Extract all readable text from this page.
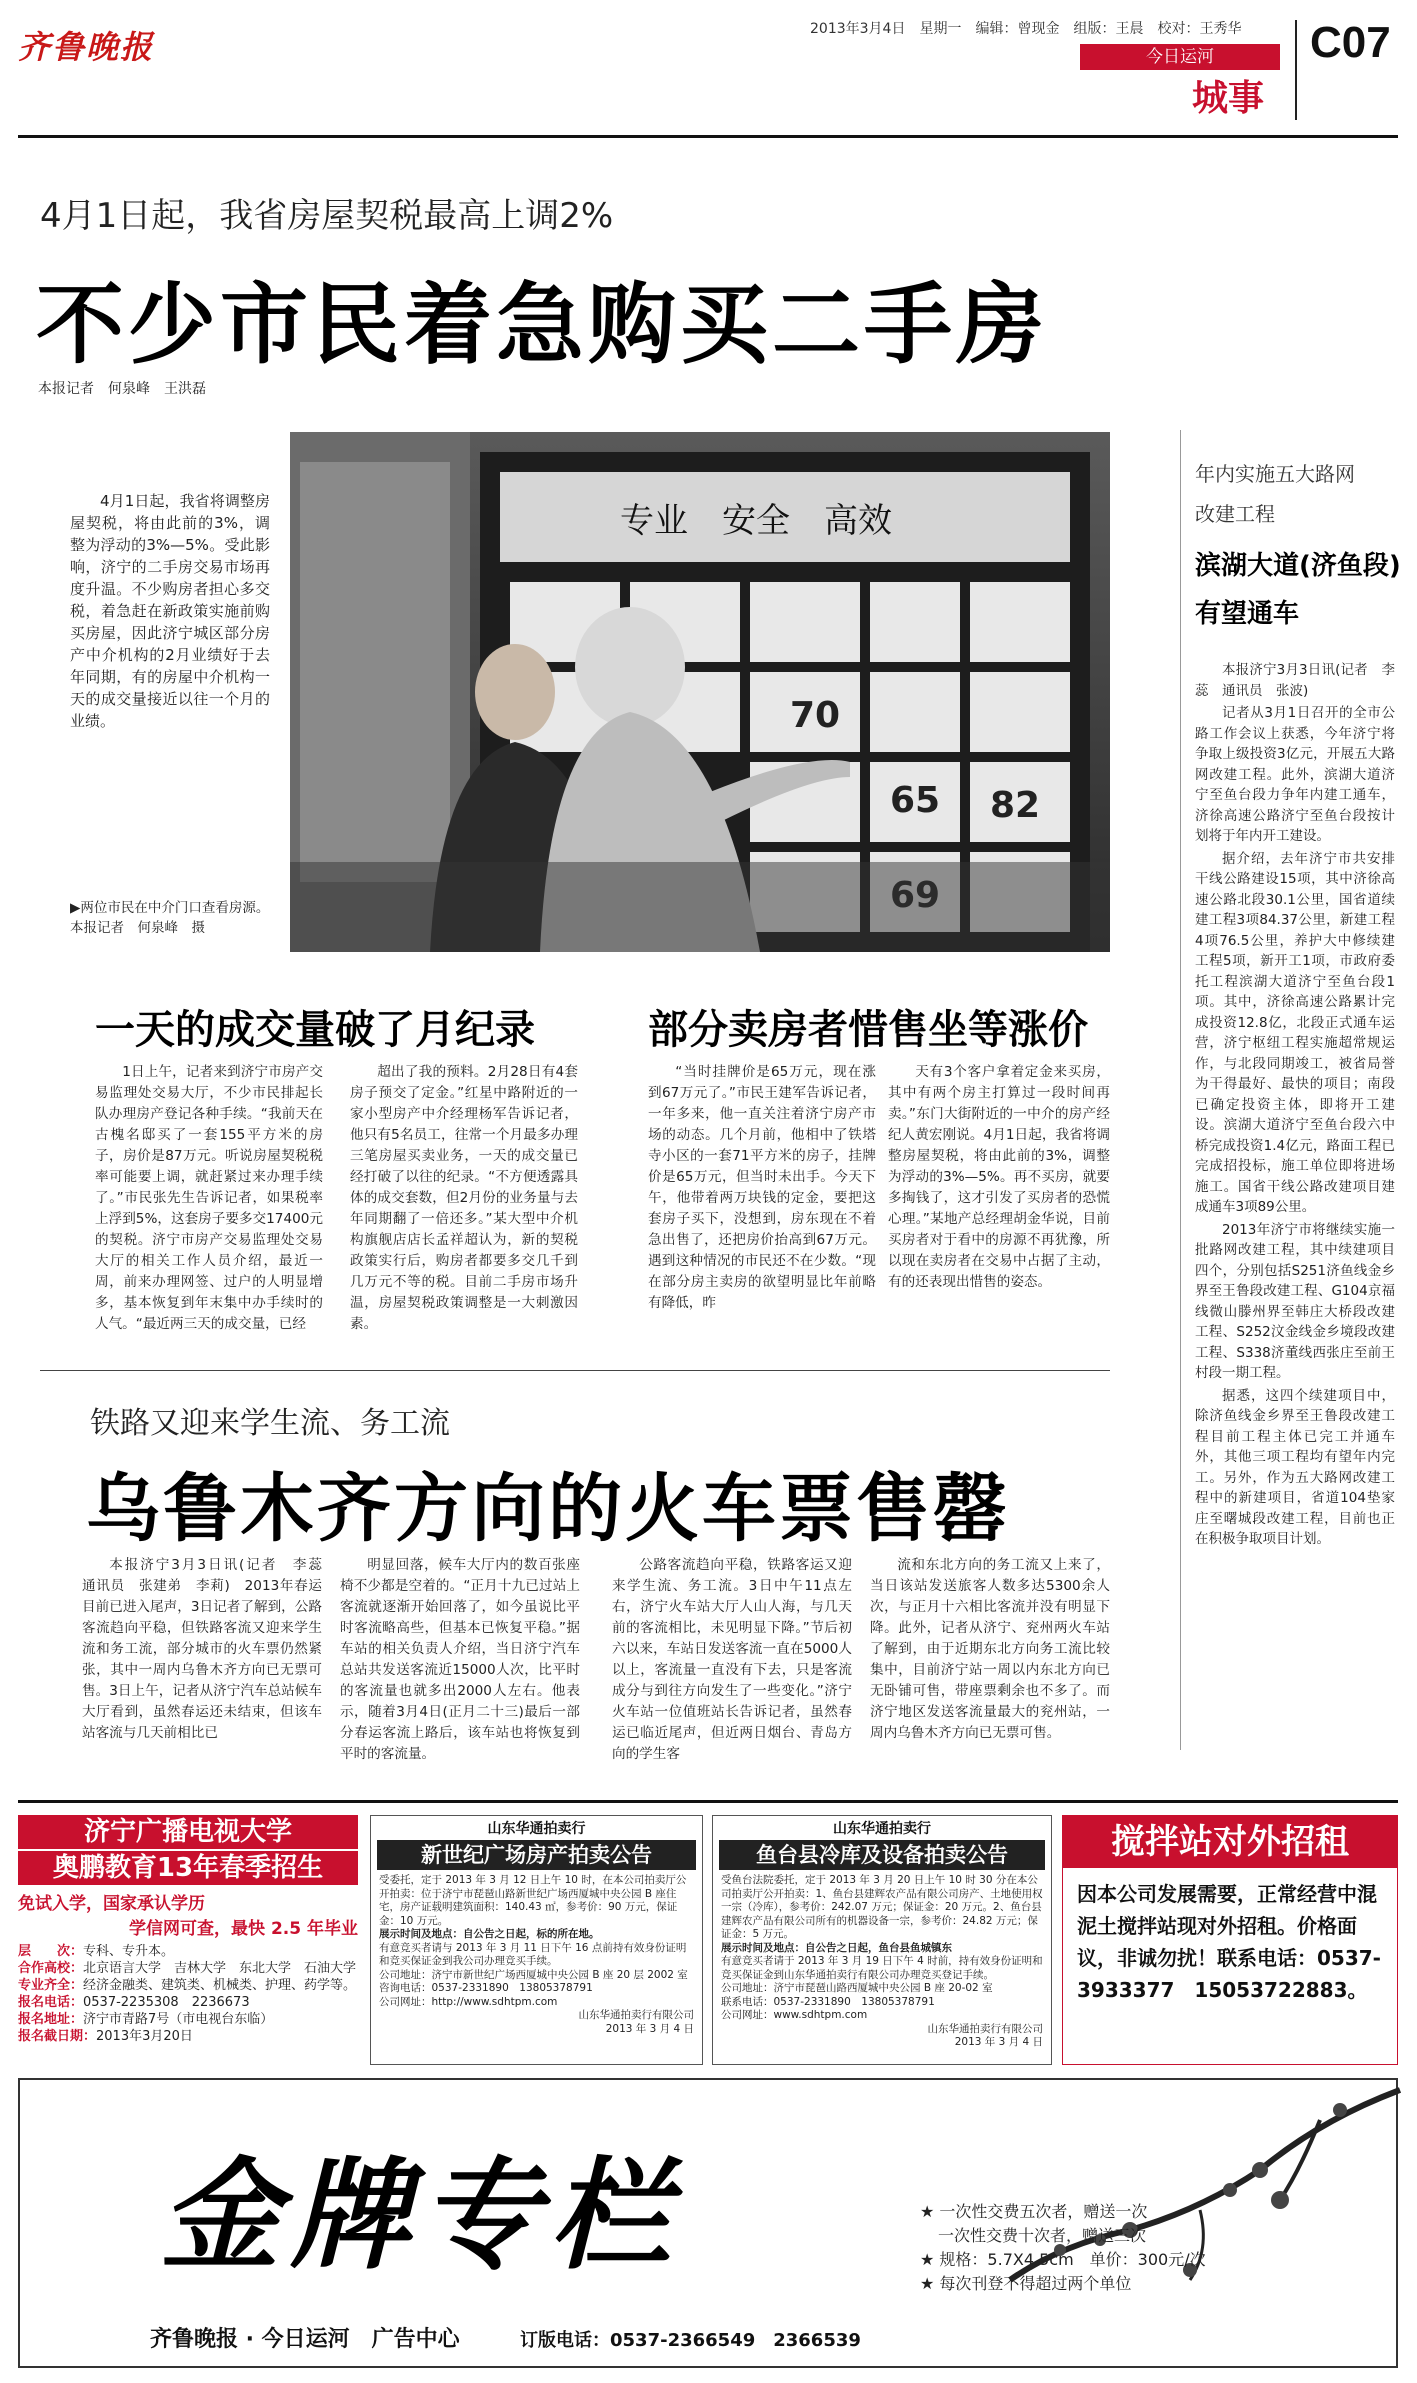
齐鲁晚报	2013年3月4日　星期一　编辑：曾现金　组版：王晨　校对：王秀华
今日运河
城事
C07
4月1日起，我省房屋契税最高上调2%
不少市民着急购买二手房
本报记者　何泉峰　王洪磊

4月1日起，我省将调整房屋契税，将由此前的3%，调整为浮动的3%—5%。受此影响，济宁的二手房交易市场再度升温。不少购房者担心多交税，着急赶在新政策实施前购买房屋，因此济宁城区部分房产中介机构的2月业绩好于去年同期，有的房屋中介机构一天的成交量接近以往一个月的业绩。

专业　安全　高效
70
65 82
▶两位市民在中介门口查看房源。
本报记者　何泉峰　摄
一天的成交量破了月纪录	部分卖房者惜售坐等涨价

1日上午，记者来到济宁市房产交易监理处交易大厅，不少市民排起长队办理房产登记各种手续。“我前天在古槐名邸买了一套155平方米的房子，房价是87万元。听说房屋契税税率可能要上调，就赶紧过来办理手续了。”市民张先生告诉记者，如果税率上浮到5%，这套房子要多交17400元的契税。济宁市房产交易监理处交易大厅的相关工作人员介绍，最近一周，前来办理网签、过户的人明显增多，基本恢复到年末集中办手续时的人气。“最近两三天的成交量，已经

超出了我的预料。2月28日有4套房子预交了定金。”红星中路附近的一家小型房产中介经理杨军告诉记者，他只有5名员工，往常一个月最多办理三笔房屋买卖业务，一天的成交量已经打破了以往的纪录。“不方便透露具体的成交套数，但2月份的业务量与去年同期翻了一倍还多。”某大型中介机构旗舰店店长孟祥超认为，新的契税政策实行后，购房者都要多交几千到几万元不等的税。目前二手房市场升温，房屋契税政策调整是一大刺激因素。

“当时挂牌价是65万元，现在涨到67万元了。”市民王建军告诉记者，一年多来，他一直关注着济宁房产市场的动态。几个月前，他相中了铁塔寺小区的一套71平方米的房子，挂牌价是65万元，但当时未出手。今天下午，他带着两万块钱的定金，要把这套房子买下，没想到，房东现在不着急出售了，还把房价抬高到67万元。遇到这种情况的市民还不在少数。“现在部分房主卖房的欲望明显比年前略有降低，昨

天有3个客户拿着定金来买房，其中有两个房主打算过一段时间再卖。”东门大街附近的一中介的房产经纪人黄宏刚说。4月1日起，我省将调整房屋契税，将由此前的3%，调整为浮动的3%—5%。再不买房，就要多掏钱了，这才引发了买房者的恐慌心理。”某地产总经理胡金华说，目前买房者对于看中的房源不再犹豫，所以现在卖房者在交易中占据了主动，有的还表现出惜售的姿态。

年内实施五大路网
改建工程
滨湖大道(济鱼段)
有望通车

本报济宁3月3日讯(记者　李蕊　通讯员　张波)

记者从3月1日召开的全市公路工作会议上获悉，今年济宁将争取上级投资3亿元，开展五大路网改建工程。此外，滨湖大道济宁至鱼台段力争年内建工通车，济徐高速公路济宁至鱼台段按计划将于年内开工建设。

据介绍，去年济宁市共安排干线公路建设15项，其中济徐高速公路北段30.1公里，国省道续建工程3项84.37公里，新建工程4项76.5公里，养护大中修续建工程5项，新开工1项，市政府委托工程滨湖大道济宁至鱼台段1项。其中，济徐高速公路累计完成投资12.8亿，北段正式通车运营，济宁枢纽工程实施超常规运作，与北段同期竣工，被省局誉为干得最好、最快的项目；南段已确定投资主体，即将开工建设。滨湖大道济宁至鱼台段六中桥完成投资1.4亿元，路面工程已完成招投标，施工单位即将进场施工。国省干线公路改建项目建成通车3项89公里。

2013年济宁市将继续实施一批路网改建工程，其中续建项目四个，分别包括S251济鱼线金乡界至王鲁段改建工程、G104京福线微山滕州界至韩庄大桥段改建工程、S252汶金线金乡境段改建工程、S338济董线西张庄至前王村段一期工程。

据悉，这四个续建项目中，除济鱼线金乡界至王鲁段改建工程目前工程主体已完工并通车外，其他三项工程均有望年内完工。另外，作为五大路网改建工程中的新建项目，省道104垫家庄至曙城段改建工程，目前也正在积极争取项目计划。

铁路又迎来学生流、务工流
乌鲁木齐方向的火车票售罄

本报济宁3月3日讯(记者　李蕊　通讯员　张建弟　李莉)　2013年春运目前已进入尾声，3日记者了解到，公路客流趋向平稳，但铁路客流又迎来学生流和务工流，部分城市的火车票仍然紧张，其中一周内乌鲁木齐方向已无票可售。3日上午，记者从济宁汽车总站候车大厅看到，虽然春运还未结束，但该车站客流与几天前相比已

明显回落，候车大厅内的数百张座椅不少都是空着的。“正月十九已过站上客流就逐渐开始回落了，如今虽说比平时客流略高些，但基本已恢复平稳。”据车站的相关负责人介绍，当日济宁汽车总站共发送客流近15000人次，比平时的客流量也就多出2000人左右。他表示，随着3月4日(正月二十三)最后一部分春运客流上路后，该车站也将恢复到平时的客流量。

公路客流趋向平稳，铁路客运又迎来学生流、务工流。3日中午11点左右，济宁火车站大厅人山人海，与几天前的客流相比，未见明显下降。”节后初六以来，车站日发送客流一直在5000人以上，客流量一直没有下去，只是客流成分与到往方向发生了一些变化。”济宁火车站一位值班站长告诉记者，虽然春运已临近尾声，但近两日烟台、青岛方向的学生客

流和东北方向的务工流又上来了，当日该站发送旅客人数多达5300余人次，与正月十六相比客流并没有明显下降。此外，记者从济宁、兖州两火车站了解到，由于近期东北方向务工流比较集中，目前济宁站一周以内东北方向已无卧铺可售，带座票剩余也不多了。而济宁地区发送客流量最大的兖州站，一周内乌鲁木齐方向已无票可售。

济宁广播电视大学
奥鹏教育13年春季招生
免试入学，国家承认学历
学信网可查，最快 2.5 年毕业
层　　次：专科、专升本。
合作高校：北京语言大学　吉林大学　东北大学　石油大学
专业齐全：经济金融类、建筑类、机械类、护理、药学等。
报名电话：0537-2235308　2236673
报名地址：济宁市青路7号（市电视台东临）
报名截日期：2013年3月20日
山东华通拍卖行
新世纪广场房产拍卖公告
受委托，定于 2013 年 3 月 12 日上午 10 时，在本公司拍卖厅公开拍卖：位于济宁市琵琶山路新世纪广场西厦城中央公园 B 座住宅，房产证载明建筑面积：140.43 ㎡，参考价：90 万元，保证金：10 万元。
展示时间及地点：自公告之日起，标的所在地。
有意竞买者请与 2013 年 3 月 11 日下午 16 点前持有效身份证明和竞买保证金到我公司办理竞买手续。
公司地址：济宁市新世纪广场西厦城中央公园 B 座 20 层 2002 室
咨询电话：0537-2331890　13805378791
公司网址：http://www.sdhtpm.com
山东华通拍卖行有限公司
2013 年 3 月 4 日
山东华通拍卖行
鱼台县冷库及设备拍卖公告
受鱼台法院委托，定于 2013 年 3 月 20 日上午 10 时 30 分在本公司拍卖厅公开拍卖：1、鱼台县建辉农产品有限公司房产、土地使用权一宗（冷库），参考价：242.07 万元；保证金：20 万元。2、鱼台县建辉农产品有限公司所有的机器设备一宗，参考价：24.82 万元；保证金：5 万元。
展示时间及地点：自公告之日起，鱼台县鱼城镇东
有意竞买者请于 2013 年 3 月 19 日下午 4 时前，持有效身份证明和竞买保证金到山东华通拍卖行有限公司办理竞买登记手续。
公司地址：济宁市琵琶山路西厦城中央公园 B 座 20-02 室
联系电话：0537-2331890　13805378791
公司网址：www.sdhtpm.com
山东华通拍卖行有限公司
2013 年 3 月 4 日
搅拌站对外招租
因本公司发展需要，正常经营中混泥土搅拌站现对外招租。价格面议，非诚勿扰！联系电话：0537-3933377　15053722883。
金牌专栏	★ 一次性交费五次者，赠送一次
一次性交费十次者，赠送三次
★ 规格：5.7X4.5cm　单价：300元/次
★ 每次刊登不得超过两个单位
齐鲁晚报 · 今日运河　广告中心	订版电话：0537-2366549　2366539
